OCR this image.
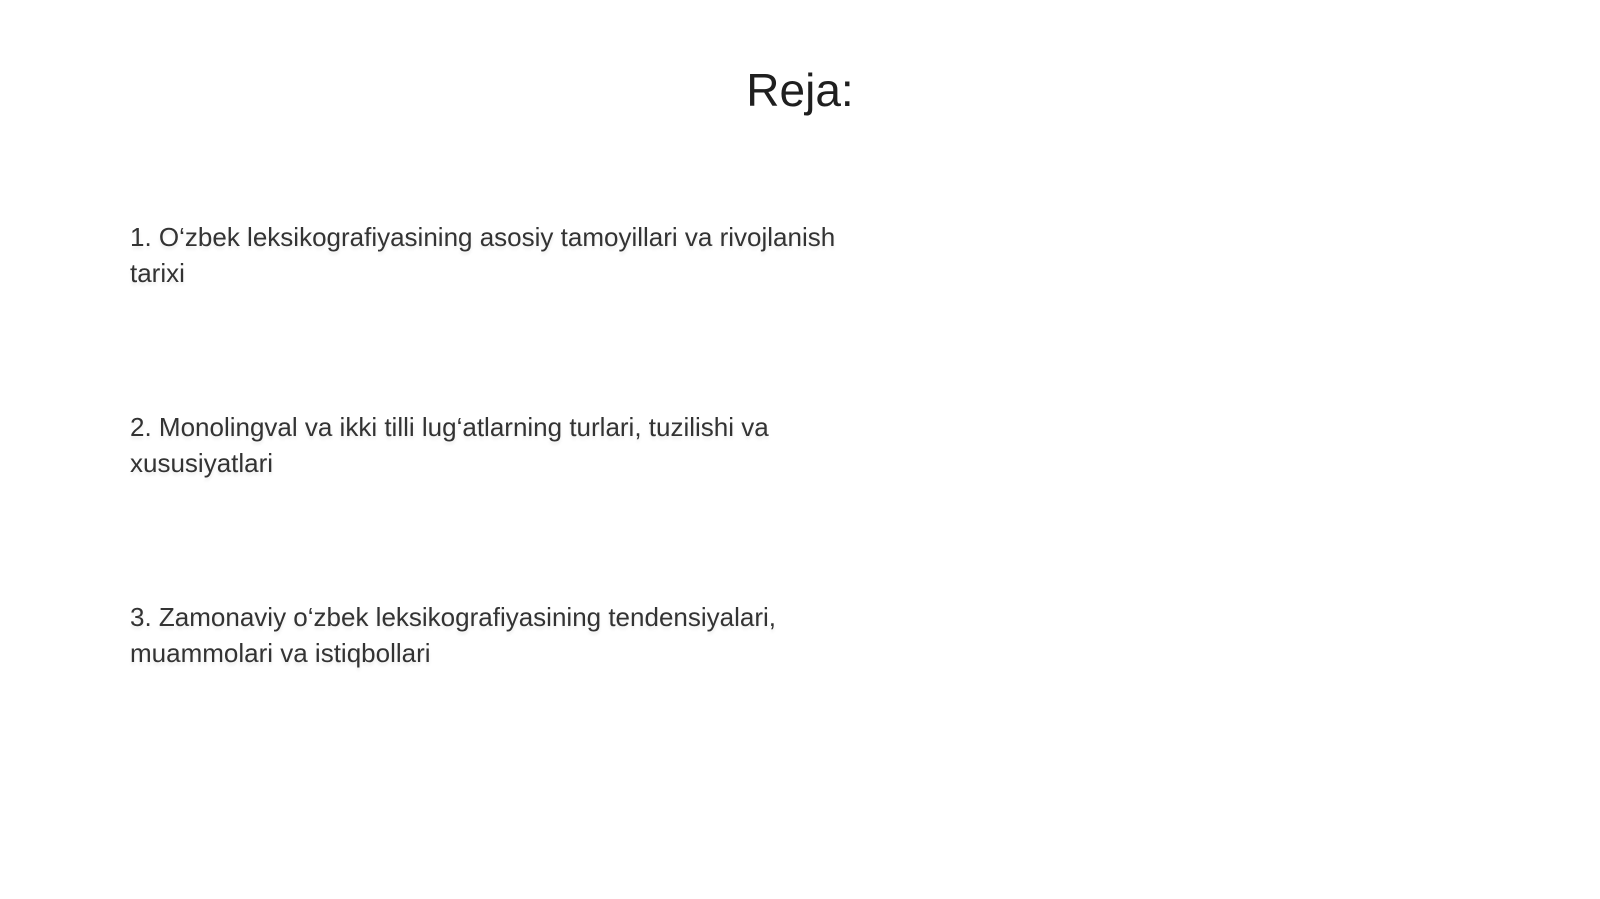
Reja:
1. O‘zbek leksikografiyasining asosiy tamoyillari va rivojlanish tarixi
2. Monolingval va ikki tilli lug‘atlarning turlari, tuzilishi va xususiyatlari
3. Zamonaviy o‘zbek leksikografiyasining tendensiyalari, muammolari va istiqbollari
